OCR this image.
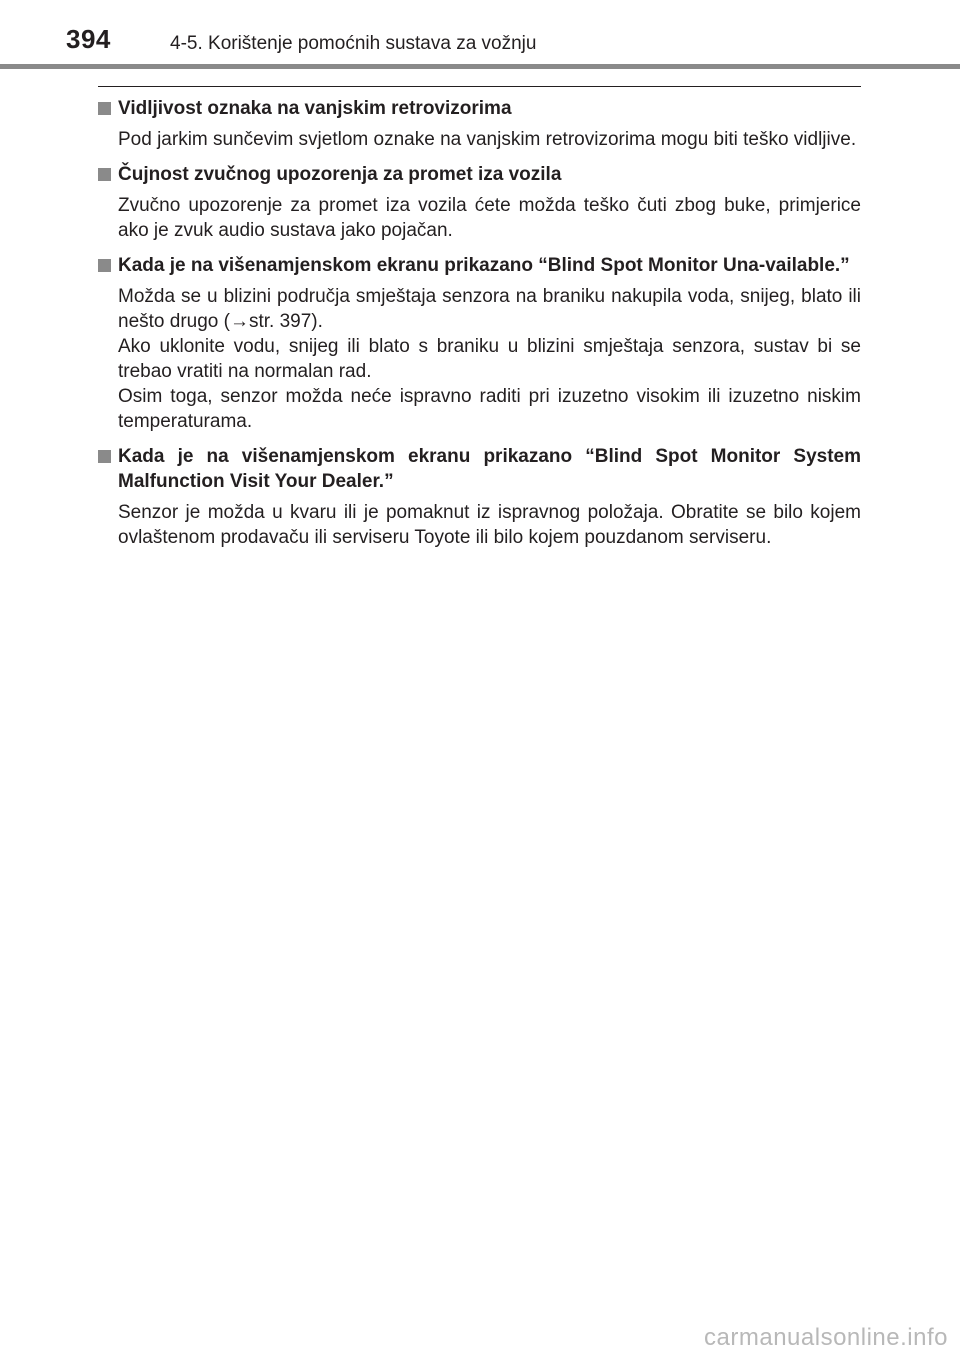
394	4-5. Korištenje pomoćnih sustava za vožnju
Vidljivost oznaka na vanjskim retrovizorima

Pod jarkim sunčevim svjetlom oznake na vanjskim retrovizorima mogu biti teško vidljive.

Čujnost zvučnog upozorenja za promet iza vozila

Zvučno upozorenje za promet iza vozila ćete možda teško čuti zbog buke, primjerice ako je zvuk audio sustava jako pojačan.

Kada je na višenamjenskom ekranu prikazano “Blind Spot Monitor Una-vailable.”

Možda se u blizini područja smještaja senzora na braniku nakupila voda, snijeg, blato ili nešto drugo (→str. 397).

Ako uklonite vodu, snijeg ili blato s braniku u blizini smještaja senzora, sustav bi se trebao vratiti na normalan rad.

Osim toga, senzor možda neće ispravno raditi pri izuzetno visokim ili izuzetno niskim temperaturama.

Kada je na višenamjenskom ekranu prikazano “Blind Spot Monitor System Malfunction Visit Your Dealer.”

Senzor je možda u kvaru ili je pomaknut iz ispravnog položaja. Obratite se bilo kojem ovlaštenom prodavaču ili serviseru Toyote ili bilo kojem pouzdanom serviseru.

carmanualsonline.info
